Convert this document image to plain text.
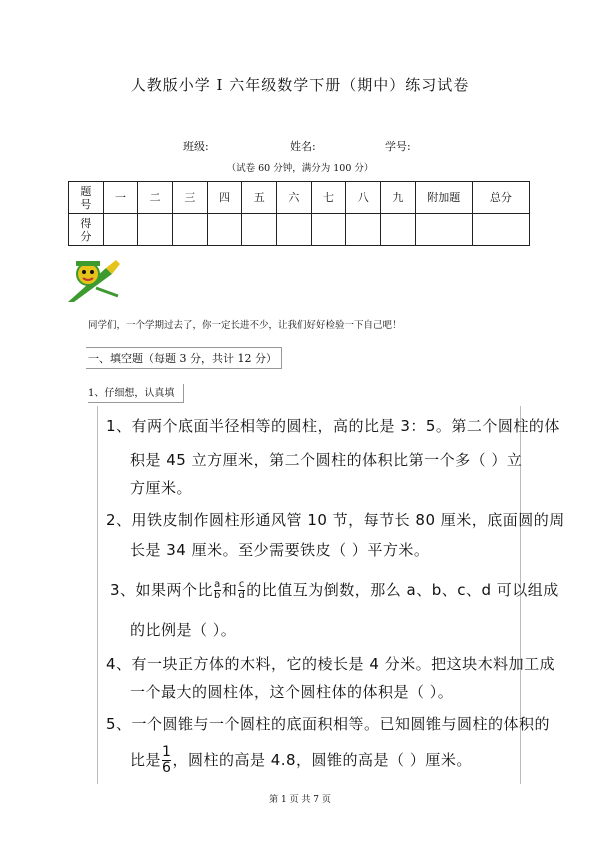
人教版小学 Ⅰ 六年级数学下册（期中）练习试卷
班级:	姓名:	学号:
（试卷 60 分钟，满分为 100 分）
题号	一	二	三	四	五	六	七	八	九	附加题	总分

得分											

同学们，一个学期过去了，你一定长进不少，让我们好好检验一下自己吧！
一、填空题（每题 3 分，共计 12 分）
1、仔细想，认真填
1、有两个底面半径相等的圆柱，高的比是 3：5。第二个圆柱的体
积是 45 立方厘米，第二个圆柱的体积比第一个多（ ）立
方厘米。
2、用铁皮制作圆柱形通风管 10 节，每节长 80 厘米，底面圆的周
长是 34 厘米。至少需要铁皮（ ）平方米。
3、如果两个比 $\frac{a}{b}$ 和 $\frac{c}{d}$ 的比值互为倒数，那么 a、b、c、d 可以组成
的比例是（ ）。
4、有一块正方体的木料，它的棱长是 4 分米。把这块木料加工成
一个最大的圆柱体，这个圆柱体的体积是（ ）。
5、一个圆锥与一个圆柱的底面积相等。已知圆锥与圆柱的体积的
比是 $\frac{1}{6}$ ，圆柱的高是 4.8，圆锥的高是（ ）厘米。
第 1 页 共 7 页
